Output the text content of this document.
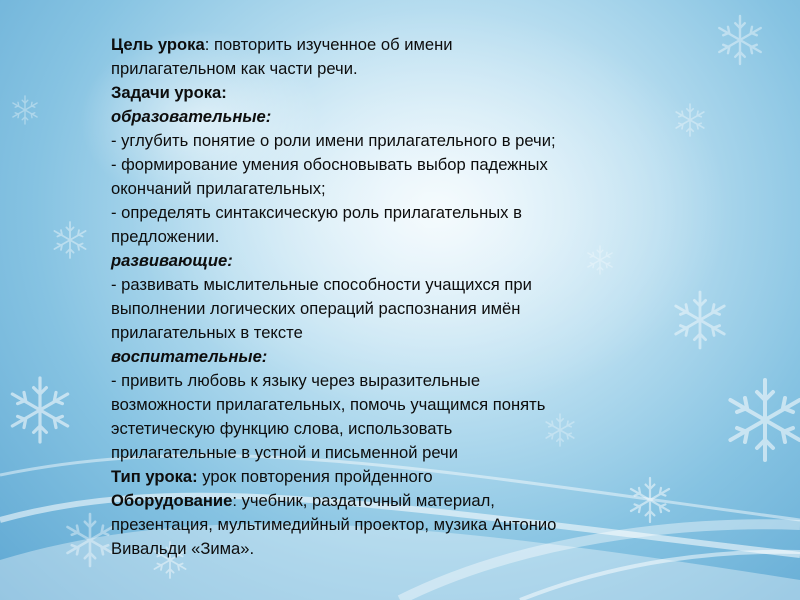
Цель урока: повторить изученное об имени
прилагательном как части речи.
Задачи урока:
образовательные:
- углубить понятие о роли имени прилагательного в речи;
- формирование умения обосновывать выбор падежных
окончаний прилагательных;
- определять синтаксическую роль прилагательных в
предложении.
развивающие:
- развивать мыслительные способности учащихся при
выполнении логических операций распознания имён
прилагательных в тексте
воспитательные:
- привить любовь к языку через выразительные
возможности прилагательных, помочь учащимся понять
эстетическую функцию слова, использовать
прилагательные в устной и письменной речи
Тип урока: урок повторения пройденного
Оборудование: учебник, раздаточный материал,
презентация, мультимедийный проектор, музика Антонио
Вивальди «Зима».
